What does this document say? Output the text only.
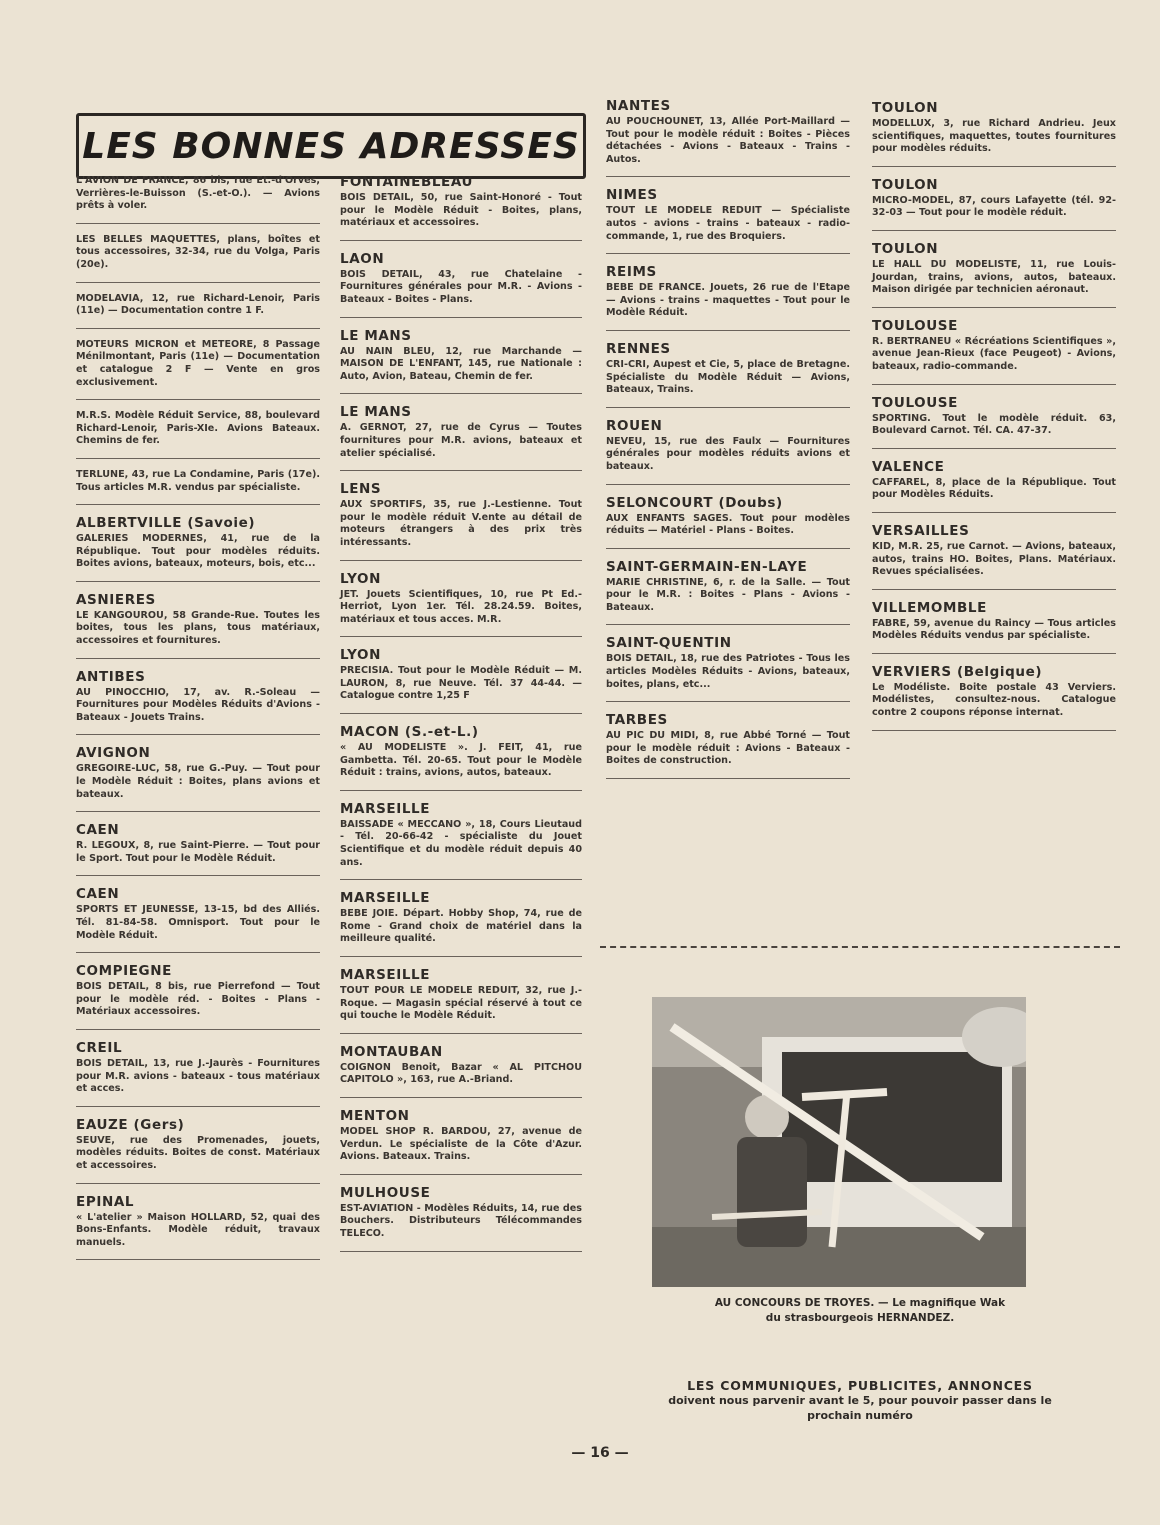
LES BONNES ADRESSES
L'AVION DE FRANCE, 86 bis, rue Et.-d'Orves, Verrières-le-Buisson (S.-et-O.). — Avions prêts à voler.
LES BELLES MAQUETTES, plans, boîtes et tous accessoires, 32-34, rue du Volga, Paris (20e).
MODELAVIA, 12, rue Richard-Lenoir, Paris (11e) — Documentation contre 1 F.
MOTEURS MICRON et METEORE, 8 Passage Ménilmontant, Paris (11e) — Documentation et catalogue 2 F — Vente en gros exclusivement.
M.R.S. Modèle Réduit Service, 88, boulevard Richard-Lenoir, Paris-XIe. Avions Bateaux. Chemins de fer.
TERLUNE, 43, rue La Condamine, Paris (17e). Tous articles M.R. vendus par spécialiste.
ALBERTVILLE (Savoie)
GALERIES MODERNES, 41, rue de la République. Tout pour modèles réduits. Boites avions, bateaux, moteurs, bois, etc...
ASNIERES
LE KANGOUROU, 58 Grande-Rue. Toutes les boites, tous les plans, tous matériaux, accessoires et fournitures.
ANTIBES
AU PINOCCHIO, 17, av. R.-Soleau — Fournitures pour Modèles Réduits d'Avions - Bateaux - Jouets Trains.
AVIGNON
GREGOIRE-LUC, 58, rue G.-Puy. — Tout pour le Modèle Réduit : Boites, plans avions et bateaux.
CAEN
R. LEGOUX, 8, rue Saint-Pierre. — Tout pour le Sport. Tout pour le Modèle Réduit.
CAEN
SPORTS ET JEUNESSE, 13-15, bd des Alliés. Tél. 81-84-58. Omnisport. Tout pour le Modèle Réduit.
COMPIEGNE
BOIS DETAIL, 8 bis, rue Pierrefond — Tout pour le modèle réd. - Boites - Plans - Matériaux accessoires.
CREIL
BOIS DETAIL, 13, rue J.-Jaurès - Fournitures pour M.R. avions - bateaux - tous matériaux et acces.
EAUZE (Gers)
SEUVE, rue des Promenades, jouets, modèles réduits. Boites de const. Matériaux et accessoires.
EPINAL
« L'atelier » Maison HOLLARD, 52, quai des Bons-Enfants. Modèle réduit, travaux manuels.
FONTAINEBLEAU
BOIS DETAIL, 50, rue Saint-Honoré - Tout pour le Modèle Réduit - Boites, plans, matériaux et accessoires.
LAON
BOIS DETAIL, 43, rue Chatelaine - Fournitures générales pour M.R. - Avions - Bateaux - Boites - Plans.
LE MANS
AU NAIN BLEU, 12, rue Marchande — MAISON DE L'ENFANT, 145, rue Nationale : Auto, Avion, Bateau, Chemin de fer.
LE MANS
A. GERNOT, 27, rue de Cyrus — Toutes fournitures pour M.R. avions, bateaux et atelier spécialisé.
LENS
AUX SPORTIFS, 35, rue J.-Lestienne. Tout pour le modèle réduit V.ente au détail de moteurs étrangers à des prix très intéressants.
LYON
JET. Jouets Scientifiques, 10, rue Pt Ed.-Herriot, Lyon 1er. Tél. 28.24.59. Boites, matériaux et tous acces. M.R.
LYON
PRECISIA. Tout pour le Modèle Réduit — M. LAURON, 8, rue Neuve. Tél. 37 44-44. — Catalogue contre 1,25 F
MACON (S.-et-L.)
« AU MODELISTE ». J. FEIT, 41, rue Gambetta. Tél. 20-65. Tout pour le Modèle Réduit : trains, avions, autos, bateaux.
MARSEILLE
BAISSADE « MECCANO », 18, Cours Lieutaud - Tél. 20-66-42 - spécialiste du Jouet Scientifique et du modèle réduit depuis 40 ans.
MARSEILLE
BEBE JOIE. Départ. Hobby Shop, 74, rue de Rome - Grand choix de matériel dans la meilleure qualité.
MARSEILLE
TOUT POUR LE MODELE REDUIT, 32, rue J.-Roque. — Magasin spécial réservé à tout ce qui touche le Modèle Réduit.
MONTAUBAN
COIGNON Benoit, Bazar « AL PITCHOU CAPITOLO », 163, rue A.-Briand.
MENTON
MODEL SHOP R. BARDOU, 27, avenue de Verdun. Le spécialiste de la Côte d'Azur. Avions. Bateaux. Trains.
MULHOUSE
EST-AVIATION - Modèles Réduits, 14, rue des Bouchers. Distributeurs Télécommandes TELECO.
NANTES
AU POUCHOUNET, 13, Allée Port-Maillard — Tout pour le modèle réduit : Boites - Pièces détachées - Avions - Bateaux - Trains - Autos.
NIMES
TOUT LE MODELE REDUIT — Spécialiste autos - avions - trains - bateaux - radio-commande, 1, rue des Broquiers.
REIMS
BEBE DE FRANCE. Jouets, 26 rue de l'Etape — Avions - trains - maquettes - Tout pour le Modèle Réduit.
RENNES
CRI-CRI, Aupest et Cie, 5, place de Bretagne. Spécialiste du Modèle Réduit — Avions, Bateaux, Trains.
ROUEN
NEVEU, 15, rue des Faulx — Fournitures générales pour modèles réduits avions et bateaux.
SELONCOURT (Doubs)
AUX ENFANTS SAGES. Tout pour modèles réduits — Matériel - Plans - Boites.
SAINT-GERMAIN-EN-LAYE
MARIE CHRISTINE, 6, r. de la Salle. — Tout pour le M.R. : Boites - Plans - Avions - Bateaux.
SAINT-QUENTIN
BOIS DETAIL, 18, rue des Patriotes - Tous les articles Modèles Réduits - Avions, bateaux, boites, plans, etc...
TARBES
AU PIC DU MIDI, 8, rue Abbé Torné — Tout pour le modèle réduit : Avions - Bateaux - Boites de construction.
TOULON
MODELLUX, 3, rue Richard Andrieu. Jeux scientifiques, maquettes, toutes fournitures pour modèles réduits.
TOULON
MICRO-MODEL, 87, cours Lafayette (tél. 92-32-03 — Tout pour le modèle réduit.
TOULON
LE HALL DU MODELISTE, 11, rue Louis-Jourdan, trains, avions, autos, bateaux. Maison dirigée par technicien aéronaut.
TOULOUSE
R. BERTRANEU « Récréations Scientifiques », avenue Jean-Rieux (face Peugeot) - Avions, bateaux, radio-commande.
TOULOUSE
SPORTING. Tout le modèle réduit. 63, Boulevard Carnot. Tél. CA. 47-37.
VALENCE
CAFFAREL, 8, place de la République. Tout pour Modèles Réduits.
VERSAILLES
KID, M.R. 25, rue Carnot. — Avions, bateaux, autos, trains HO. Boites, Plans. Matériaux. Revues spécialisées.
VILLEMOMBLE
FABRE, 59, avenue du Raincy — Tous articles Modèles Réduits vendus par spécialiste.
VERVIERS (Belgique)
Le Modéliste. Boite postale 43 Verviers. Modélistes, consultez-nous. Catalogue contre 2 coupons réponse internat.
AU CONCOURS DE TROYES. — Le magnifique Wak
du strasbourgeois HERNANDEZ.
LES COMMUNIQUES, PUBLICITES, ANNONCES
doivent nous parvenir avant le 5, pour pouvoir passer dans le
prochain numéro
— 16 —
